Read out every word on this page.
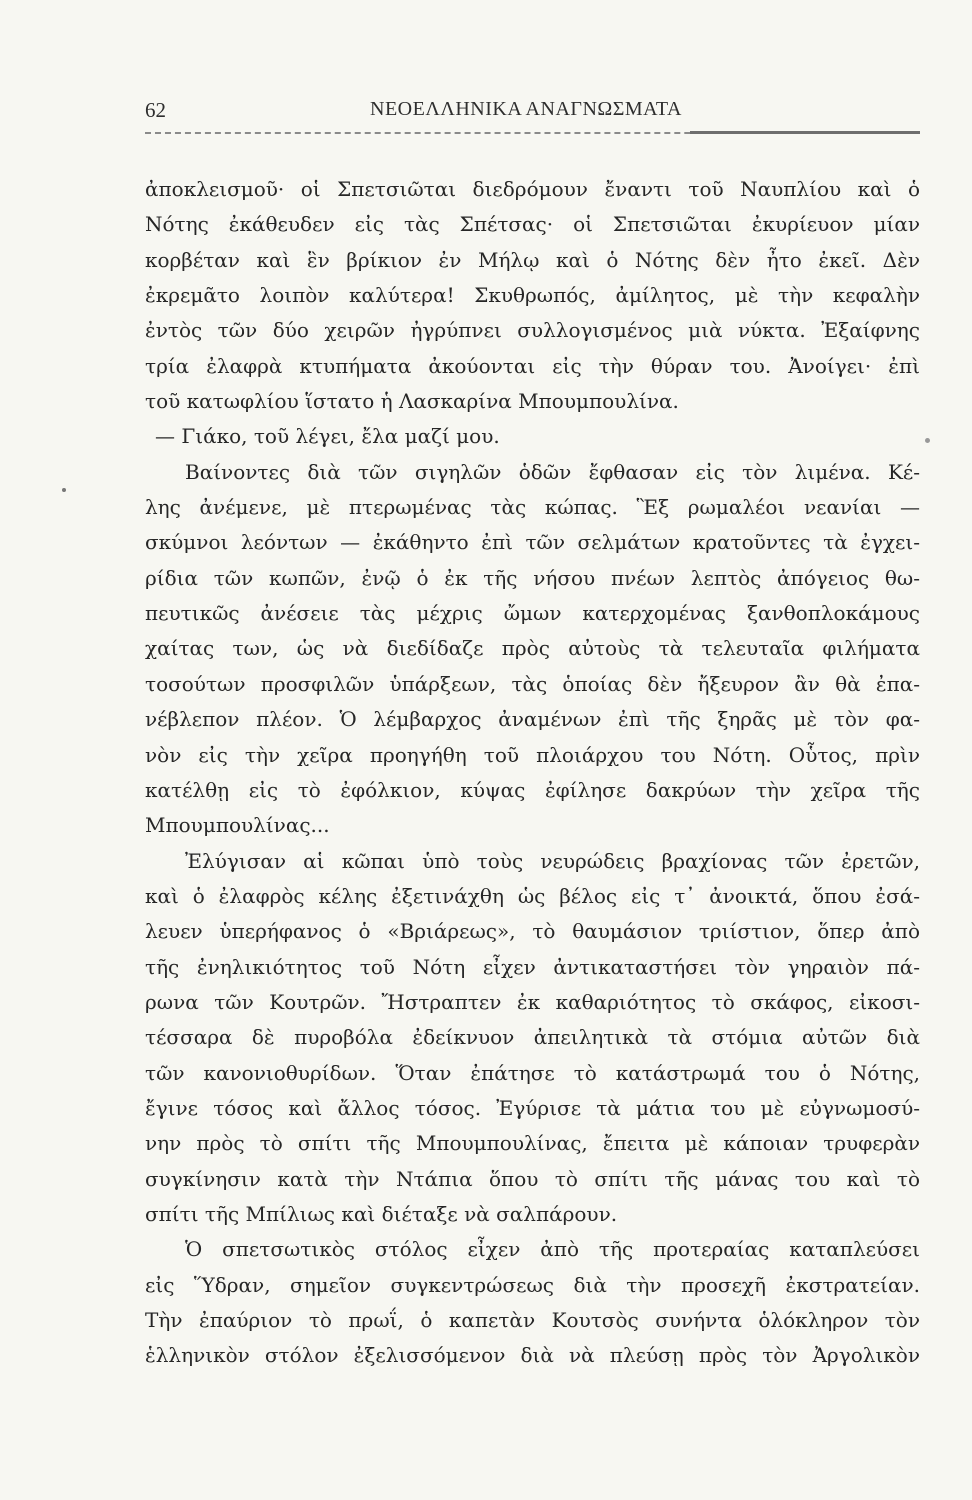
62	ΝΕΟΕΛΛΗΝΙΚΑ ΑΝΑΓΝΩΣΜΑΤΑ
ἀποκλεισμοῦ· οἱ Σπετσιῶται διεδρόμουν ἔναντι τοῦ Ναυπλίου καὶ ὁ
Νότης ἐκάθευδεν εἰς τὰς Σπέτσας· οἱ Σπετσιῶται ἐκυρίευον μίαν
κορβέταν καὶ ἓν βρίκιον ἐν Μήλῳ καὶ ὁ Νότης δὲν ἦτο ἐκεῖ. Δὲν
ἐκρεμᾶτο λοιπὸν καλύτερα! Σκυθρωπός, ἀμίλητος, μὲ τὴν κεφαλὴν
ἐντὸς τῶν δύο χειρῶν ἠγρύπνει συλλογισμένος μιὰ νύκτα. Ἐξαίφνης
τρία ἐλαφρὰ κτυπήματα ἀκούονται εἰς τὴν θύραν του. Ἀνοίγει· ἐπὶ
τοῦ κατωφλίου ἵστατο ἡ Λασκαρίνα Μπουμπουλίνα.
— Γιάκο, τοῦ λέγει, ἔλα μαζί μου.
Βαίνοντες διὰ τῶν σιγηλῶν ὁδῶν ἔφθασαν εἰς τὸν λιμένα. Κέ-
λης ἀνέμενε, μὲ πτερωμένας τὰς κώπας. Ἓξ ρωμαλέοι νεανίαι —
σκύμνοι λεόντων — ἐκάθηντο ἐπὶ τῶν σελμάτων κρατοῦντες τὰ ἐγχει-
ρίδια τῶν κωπῶν, ἐνῷ ὁ ἐκ τῆς νήσου πνέων λεπτὸς ἀπόγειος θω-
πευτικῶς ἀνέσειε τὰς μέχρις ὤμων κατερχομένας ξανθοπλοκάμους
χαίτας των, ὡς νὰ διεδίδαζε πρὸς αὐτοὺς τὰ τελευταῖα φιλήματα
τοσούτων προσφιλῶν ὑπάρξεων, τὰς ὁποίας δὲν ἤξευρον ἂν θὰ ἐπα-
νέβλεπον πλέον. Ὁ λέμβαρχος ἀναμένων ἐπὶ τῆς ξηρᾶς μὲ τὸν φα-
νὸν εἰς τὴν χεῖρα προηγήθη τοῦ πλοιάρχου του Νότη. Οὗτος, πρὶν
κατέλθῃ εἰς τὸ ἐφόλκιον, κύψας ἐφίλησε δακρύων τὴν χεῖρα τῆς
Μπουμπουλίνας...
Ἐλύγισαν αἱ κῶπαι ὑπὸ τοὺς νευρώδεις βραχίονας τῶν ἐρετῶν,
καὶ ὁ ἐλαφρὸς κέλης ἐξετινάχθη ὡς βέλος εἰς τ᾽ ἀνοικτά, ὅπου ἐσά-
λευεν ὑπερήφανος ὁ «Βριάρεως», τὸ θαυμάσιον τριίστιον, ὅπερ ἀπὸ
τῆς ἐνηλικιότητος τοῦ Νότη εἶχεν ἀντικαταστήσει τὸν γηραιὸν πά-
ρωνα τῶν Κουτρῶν. Ἤστραπτεν ἐκ καθαριότητος τὸ σκάφος, εἰκοσι-
τέσσαρα δὲ πυροβόλα ἐδείκνυον ἀπειλητικὰ τὰ στόμια αὐτῶν διὰ
τῶν κανονιοθυρίδων. Ὅταν ἐπάτησε τὸ κατάστρωμά του ὁ Νότης,
ἔγινε τόσος καὶ ἄλλος τόσος. Ἐγύρισε τὰ μάτια του μὲ εὐγνωμοσύ-
νην πρὸς τὸ σπίτι τῆς Μπουμπουλίνας, ἔπειτα μὲ κάποιαν τρυφερὰν
συγκίνησιν κατὰ τὴν Ντάπια ὅπου τὸ σπίτι τῆς μάνας του καὶ τὸ
σπίτι τῆς Μπίλιως καὶ διέταξε νὰ σαλπάρουν.
Ὁ σπετσωτικὸς στόλος εἶχεν ἀπὸ τῆς προτεραίας καταπλεύσει
εἰς Ὕδραν, σημεῖον συγκεντρώσεως διὰ τὴν προσεχῆ ἐκστρατείαν.
Τὴν ἐπαύριον τὸ πρωΐ, ὁ καπετὰν Κουτσὸς συνήντα ὁλόκληρον τὸν
ἑλληνικὸν στόλον ἐξελισσόμενον διὰ νὰ πλεύσῃ πρὸς τὸν Ἀργολικὸν
